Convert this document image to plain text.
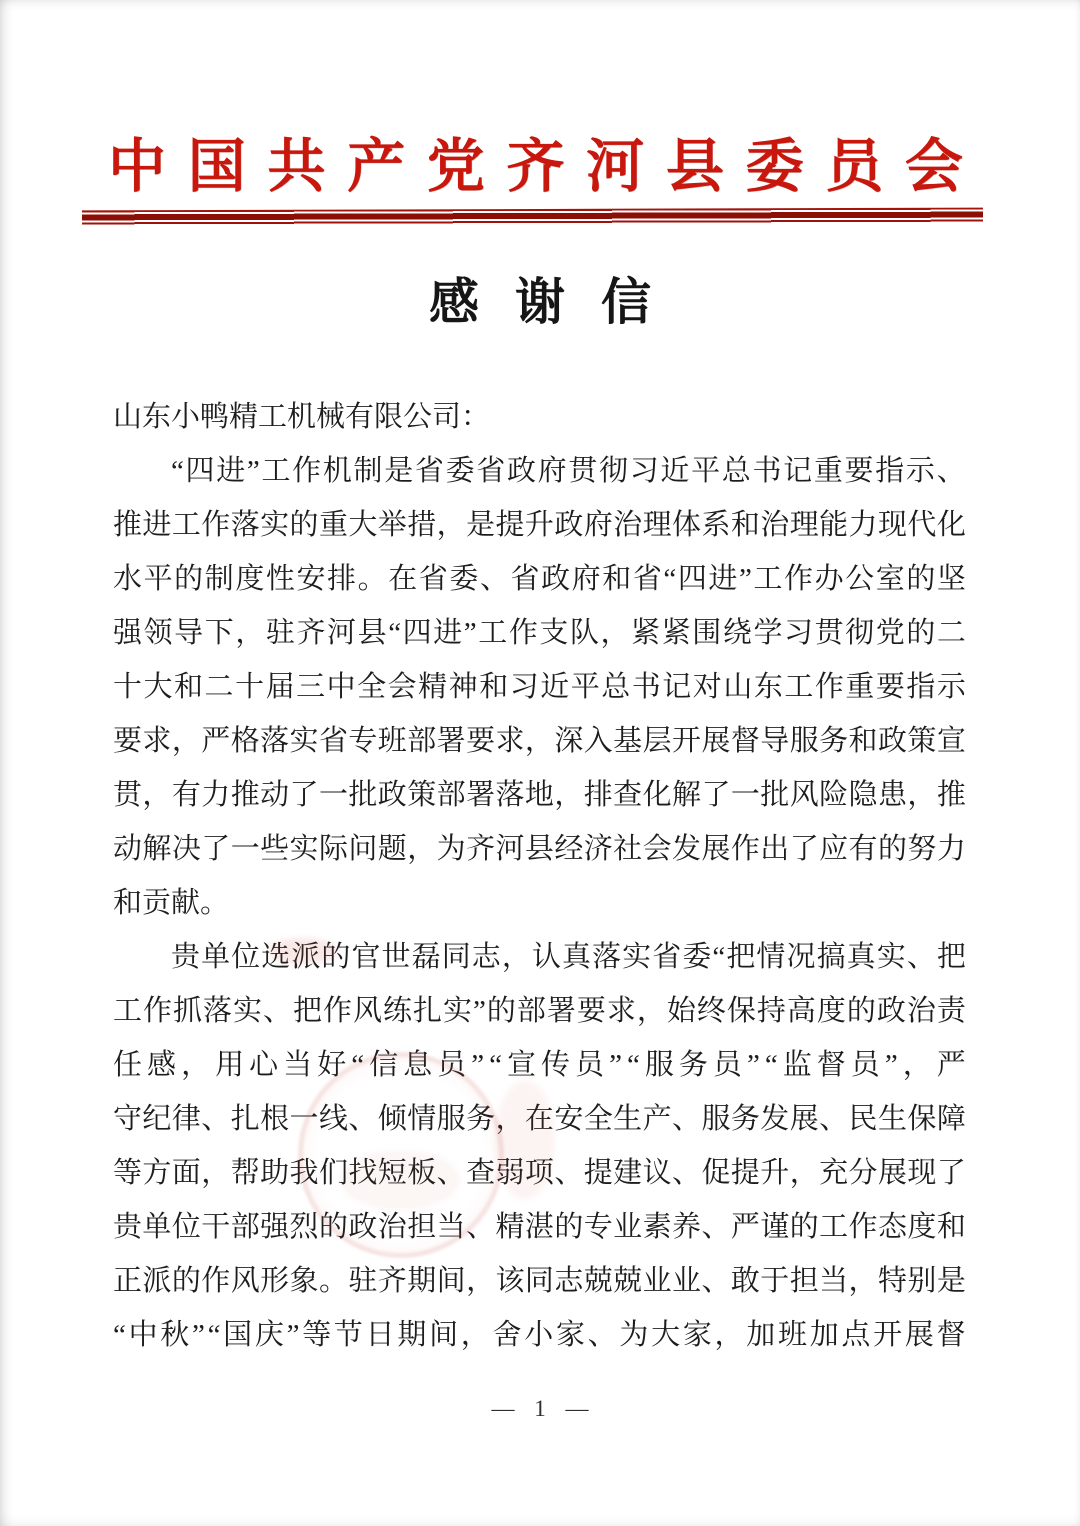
中 国 共 产 党 齐 河 县 委 员 会
感谢信
山东小鸭精工机械有限公司：
“ 四 进 ” 工 作 机 制 是 省 委 省 政 府 贯 彻 习 近 平 总 书 记 重 要 指 示 、
推 进 工 作 落 实 的 重 大 举 措 ， 是 提 升 政 府 治 理 体 系 和 治 理 能 力 现 代 化
水 平 的 制 度 性 安 排 。 在 省 委 、 省 政 府 和 省 “ 四 进 ” 工 作 办 公 室 的 坚
强 领 导 下 ， 驻 齐 河 县 “ 四 进 ” 工 作 支 队 ， 紧 紧 围 绕 学 习 贯 彻 党 的 二
十 大 和 二 十 届 三 中 全 会 精 神 和 习 近 平 总 书 记 对 山 东 工 作 重 要 指 示
要 求 ， 严 格 落 实 省 专 班 部 署 要 求 ， 深 入 基 层 开 展 督 导 服 务 和 政 策 宣
贯 ， 有 力 推 动 了 一 批 政 策 部 署 落 地 ， 排 查 化 解 了 一 批 风 险 隐 患 ， 推
动 解 决 了 一 些 实 际 问 题 ， 为 齐 河 县 经 济 社 会 发 展 作 出 了 应 有 的 努 力
和贡献。
贵 单 位 选 派 的 官 世 磊 同 志 ， 认 真 落 实 省 委 “ 把 情 况 搞 真 实 、 把
工 作 抓 落 实 、 把 作 风 练 扎 实 ” 的 部 署 要 求 ， 始 终 保 持 高 度 的 政 治 责
任 感 ， 用 心 当 好 “ 信 息 员 ” “ 宣 传 员 ” “ 服 务 员 ” “ 监 督 员 ” ， 严
守 纪 律 、 扎 根 一 线 、 倾 情 服 务 ， 在 安 全 生 产 、 服 务 发 展 、 民 生 保 障
等 方 面 ， 帮 助 我 们 找 短 板 、 查 弱 项 、 提 建 议 、 促 提 升 ， 充 分 展 现 了
贵 单 位 干 部 强 烈 的 政 治 担 当 、 精 湛 的 专 业 素 养 、 严 谨 的 工 作 态 度 和
正 派 的 作 风 形 象 。 驻 齐 期 间 ， 该 同 志 兢 兢 业 业 、 敢 于 担 当 ， 特 别 是
“ 中 秋 ” “ 国 庆 ” 等 节 日 期 间 ， 舍 小 家 、 为 大 家 ， 加 班 加 点 开 展 督
— 1 —
